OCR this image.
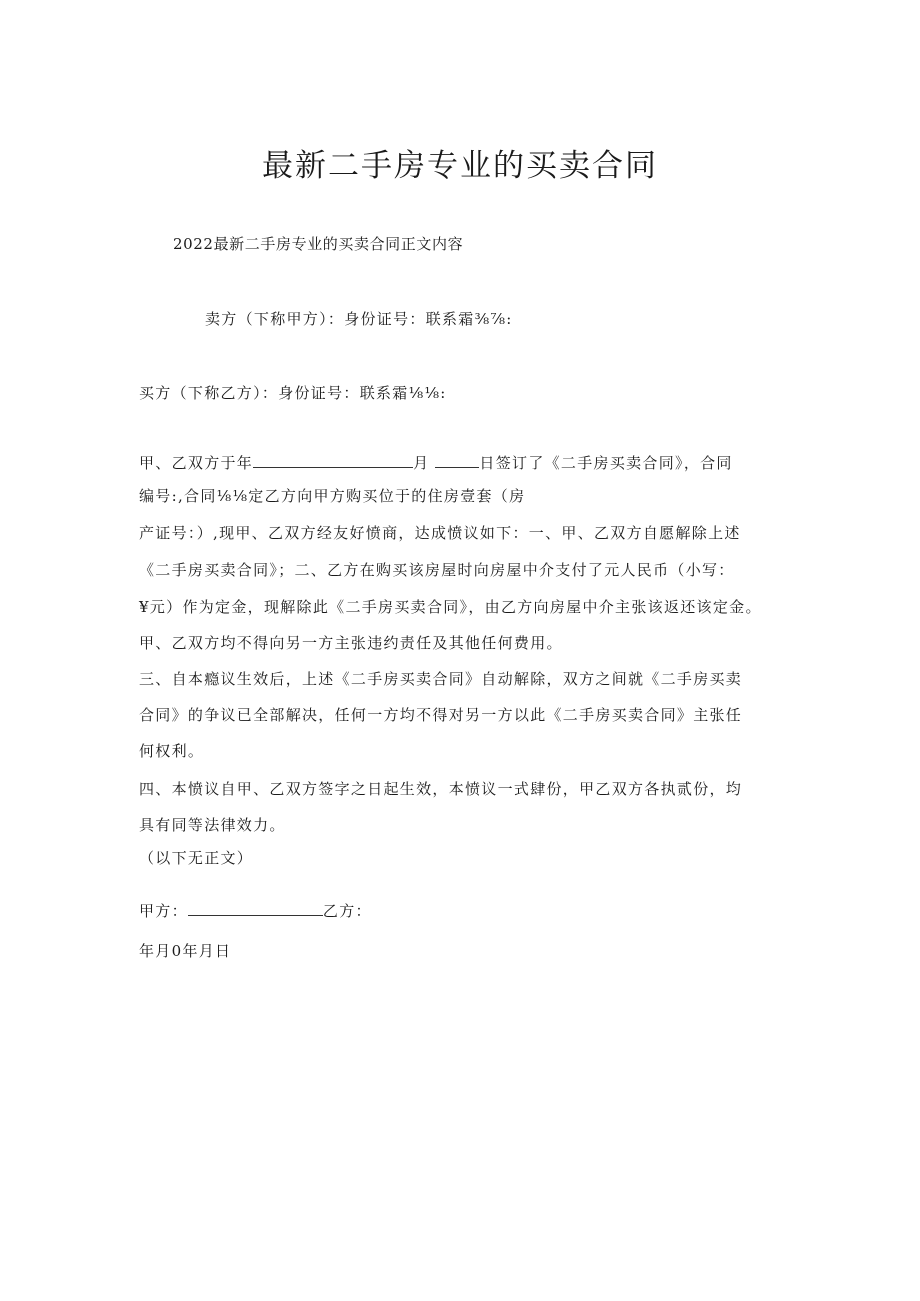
最新二手房专业的买卖合同
2022最新二手房专业的买卖合同正文内容
卖方（下称甲方）：身份证号：联系霜⅜⅞:
买方（下称乙方）：身份证号：联系霜⅛⅛:
甲、乙双方于年	月	日签订了《二手房买卖合同》，合同
编号:,合同⅛⅛定乙方向甲方购买位于的住房壹套（房
产证号：）,现甲、乙双方经友好愤商，达成愤议如下：一、甲、乙双方自愿解除上述
《二手房买卖合同》；二、乙方在购买该房屋时向房屋中介支付了元人民币（小写：
¥元）作为定金，现解除此《二手房买卖合同》，由乙方向房屋中介主张该返还该定金。
甲、乙双方均不得向另一方主张违约责任及其他任何费用。
三、自本瘾议生效后，上述《二手房买卖合同》自动解除，双方之间就《二手房买卖
合同》的争议已全部解决，任何一方均不得对另一方以此《二手房买卖合同》主张任
何权利。
四、本愤议自甲、乙双方签字之日起生效，本愤议一式肆份，甲乙双方各执贰份，均
具有同等法律效力。
（以下无正文）
甲方：	乙方：
年月0年月日
